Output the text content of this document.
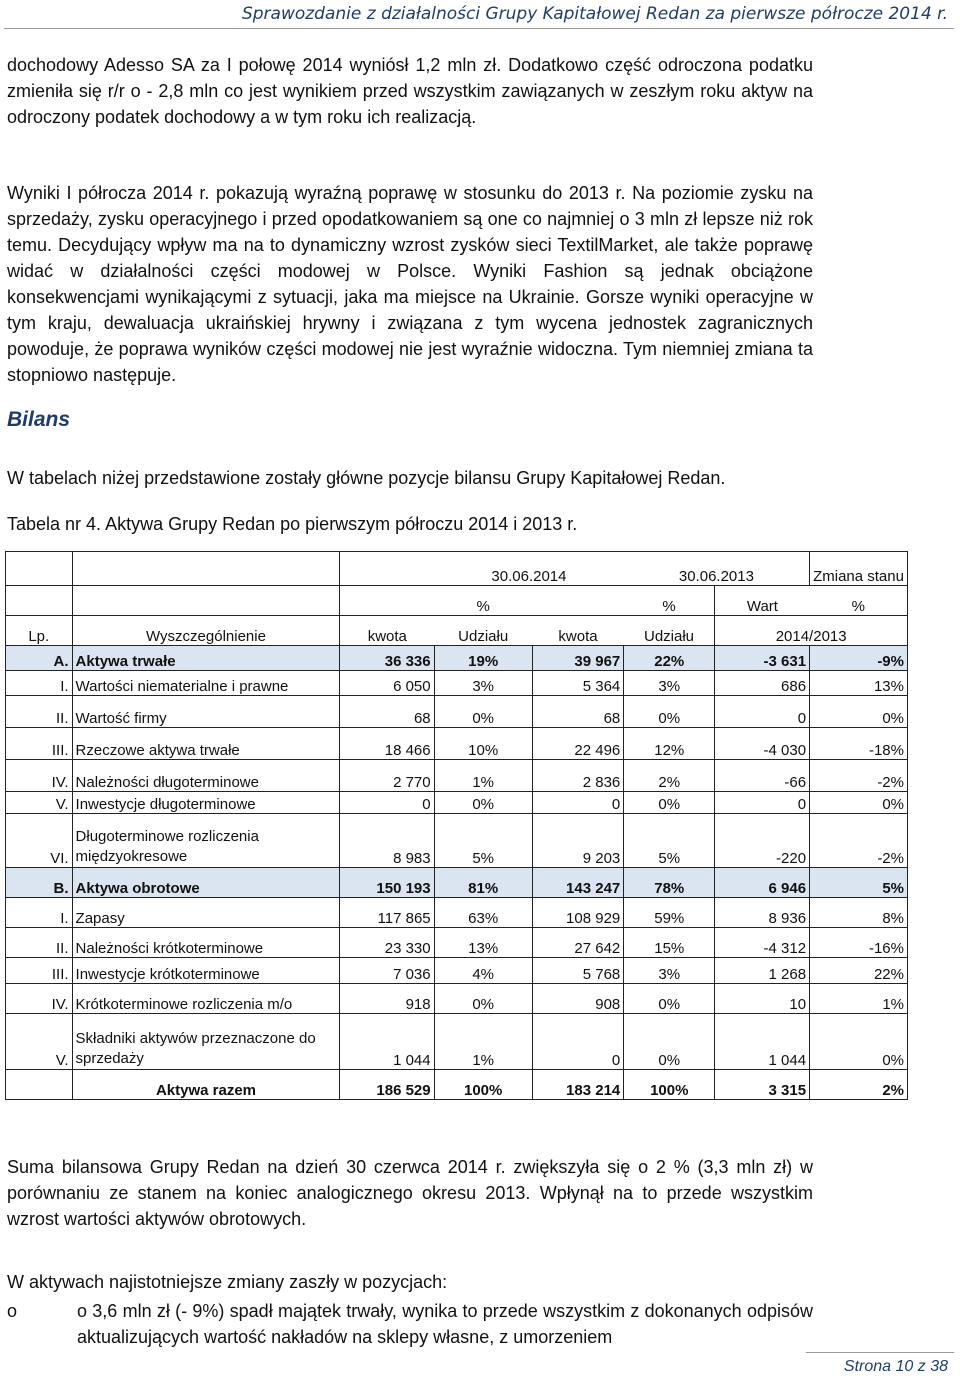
Sprawozdanie z działalności Grupy Kapitałowej Redan za pierwsze półrocze 2014 r.
dochodowy Adesso SA za I połowę 2014 wyniósł 1,2 mln zł. Dodatkowo część odroczona podatku zmieniła się r/r o - 2,8 mln co jest wynikiem przed wszystkim zawiązanych w zeszłym roku aktyw na odroczony podatek dochodowy a w tym roku ich realizacją.
Wyniki I półrocza 2014 r. pokazują wyraźną poprawę w stosunku do 2013 r. Na poziomie zysku na sprzedaży, zysku operacyjnego i przed opodatkowaniem są one co najmniej o 3 mln zł lepsze niż rok temu. Decydujący wpływ ma na to dynamiczny wzrost zysków sieci TextilMarket, ale także poprawę widać w działalności części modowej w Polsce. Wyniki Fashion są jednak obciążone konsekwencjami wynikającymi z sytuacji, jaka ma miejsce na Ukrainie. Gorsze wyniki operacyjne w tym kraju, dewaluacja ukraińskiej hrywny i związana z tym wycena jednostek zagranicznych powoduje, że poprawa wyników części modowej nie jest wyraźnie widoczna. Tym niemniej zmiana ta stopniowo następuje.
Bilans
W tabelach niżej przedstawione zostały główne pozycje bilansu Grupy Kapitałowej Redan.
Tabela nr 4. Aktywa Grupy Redan po pierwszym półroczu 2014 i 2013 r.
			30.06.2014		30.06.2013		Zmiana stanu
			%		%	Wart	%
Lp.	Wyszczególnienie	kwota	Udziału	kwota	Udziału	2014/2013	
A.	Aktywa trwałe	36 336	19%	39 967	22%	-3 631	-9%
I.	Wartości niematerialne i prawne	6 050	3%	5 364	3%	686	13%
II.	Wartość firmy	68	0%	68	0%	0	0%
III.	Rzeczowe aktywa trwałe	18 466	10%	22 496	12%	-4 030	-18%
IV.	Należności długoterminowe	2 770	1%	2 836	2%	-66	-2%
V.	Inwestycje długoterminowe	0	0%	0	0%	0	0%
VI.	Długoterminowe rozliczenia międzyokresowe	8 983	5%	9 203	5%	-220	-2%
B.	Aktywa obrotowe	150 193	81%	143 247	78%	6 946	5%
I.	Zapasy	117 865	63%	108 929	59%	8 936	8%
II.	Należności krótkoterminowe	23 330	13%	27 642	15%	-4 312	-16%
III.	Inwestycje krótkoterminowe	7 036	4%	5 768	3%	1 268	22%
IV.	Krótkoterminowe rozliczenia m/o	918	0%	908	0%	10	1%
V.	Składniki aktywów przeznaczone do sprzedaży	1 044	1%	0	0%	1 044	0%
	Aktywa razem	186 529	100%	183 214	100%	3 315	2%
Suma bilansowa Grupy Redan na dzień 30 czerwca 2014 r. zwiększyła się o 2 % (3,3 mln zł) w porównaniu ze stanem na koniec analogicznego okresu 2013. Wpłynął na to przede wszystkim wzrost wartości aktywów obrotowych.
W aktywach najistotniejsze zmiany zaszły w pozycjach:
o	o 3,6 mln zł (- 9%) spadł majątek trwały, wynika to przede wszystkim z dokonanych odpisów aktualizujących wartość nakładów na sklepy własne, z umorzeniem
Strona 10 z 38
